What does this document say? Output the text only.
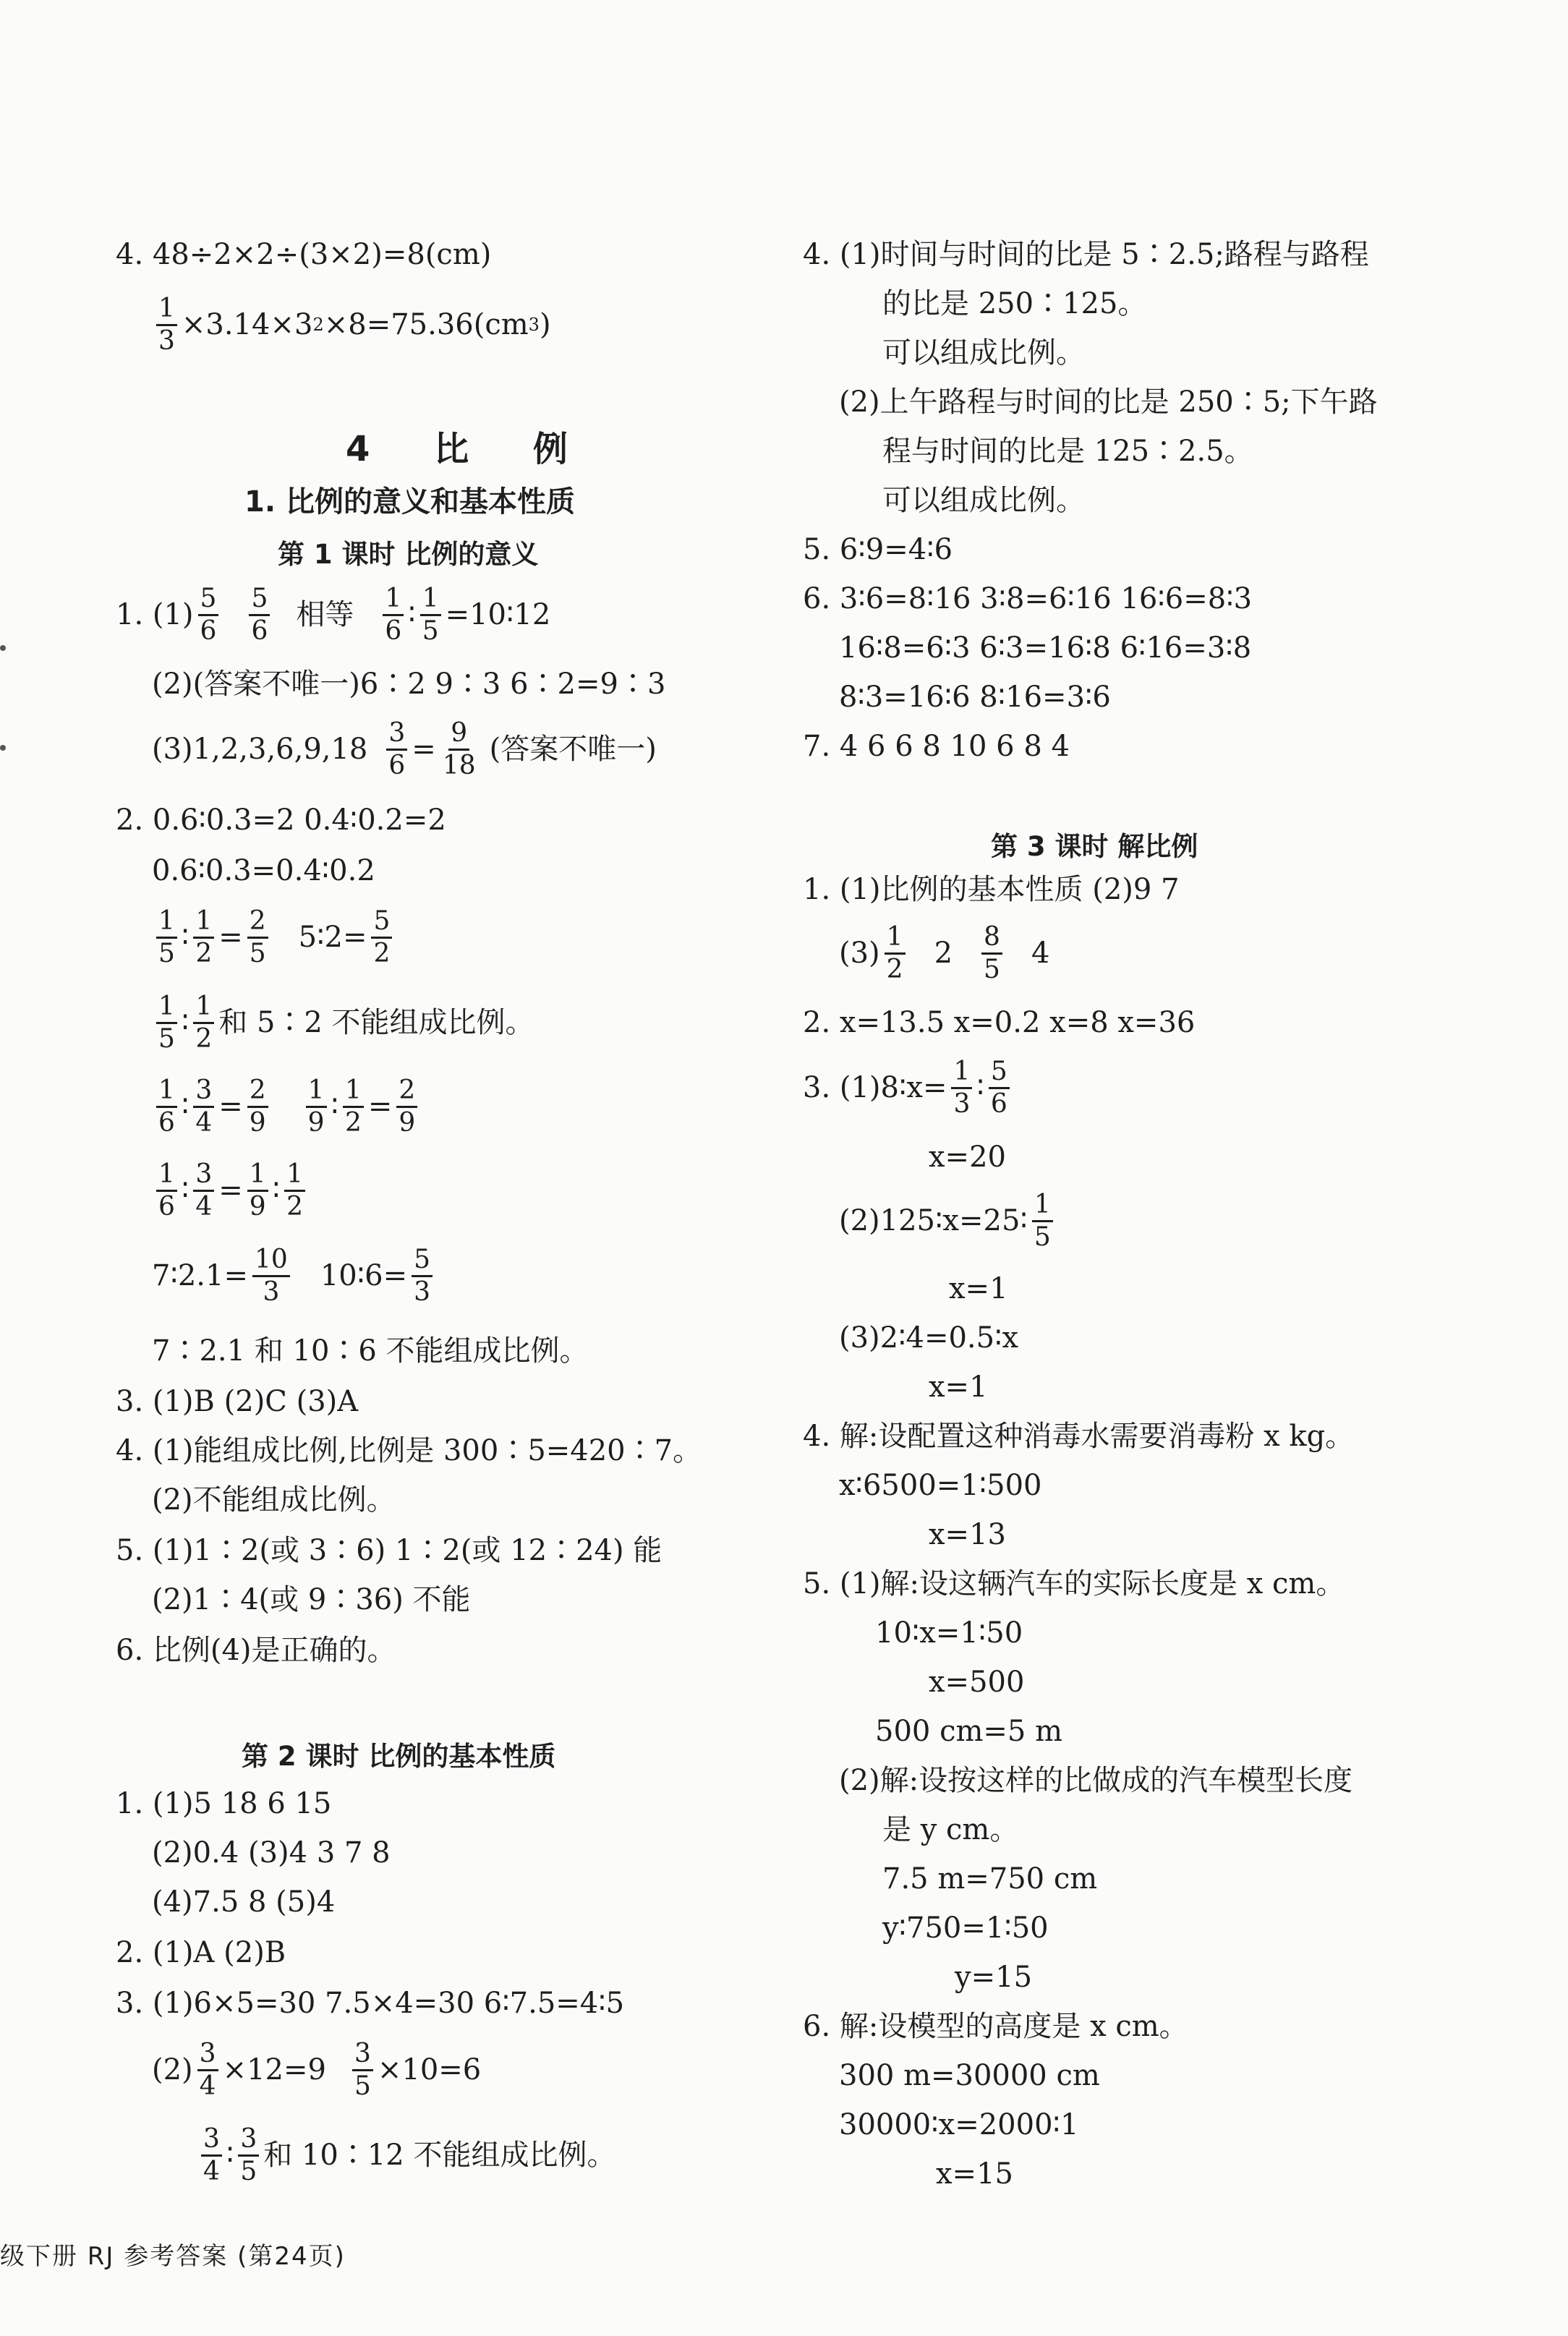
4. 48÷2×2÷(3×2)=8(cm)
$\frac{1}{3} \times 3.14\times 3$ 2 ×8=75.36(cm 3 )
4 比 例
1. 比例的意义和基本性质
第 1 课时 比例的意义
1. (1) 5
6
5
6 相等 1
6 ∶ $\frac{1}{5}$ =10∶12
(2)(答案不唯一)6∶2 9∶3 6∶2=9∶3
$(3)1,2,3,6,9,18 \frac{3}{6} = \frac{9}{18}$ (答案不唯一)
2. 0.6∶0.3=2 0.4∶0.2=2
0.6∶0.3=0.4∶0.2
1
5 ∶ $\frac{1}{2} = \frac{2}{5}$ 5∶2= $\frac{5}{2}$
1
5 ∶ 1
2 和 5∶2 不能组成比例。
1
6 ∶ $\frac{3}{4} = \frac{2}{9} 1$
9 ∶ $\frac{1}{2} = \frac{2}{9}$
1
6 ∶ $\frac{3}{4} = \frac{1}{9}$ ∶ 1
2
7∶2.1= $\frac{10}{3}$ 10∶6= $\frac{5}{3}$
7∶2.1 和 10∶6 不能组成比例。
3. (1)B (2)C (3)A
4. (1)能组成比例,比例是 300∶5=420∶7。
(2)不能组成比例。
5. (1)1∶2(或 3∶6) 1∶2(或 12∶24) 能
(2)1∶4(或 9∶36) 不能
6. 比例(4)是正确的。
第 2 课时 比例的基本性质
1. (1)5 18 6 15
(2)0.4 (3)4 3 7 8
(4)7.5 8 (5)4
2. (1)A (2)B
3. (1)6×5=30 7.5×4=30 6∶7.5=4∶5
$(2) \frac{3}{4} \times 12=9 \frac{3}{5} \times 10=6$
3
4 ∶ 3
5 和 10∶12 不能组成比例。
4. (1)时间与时间的比是 5∶2.5;路程与路程
的比是 250∶125。
可以组成比例。
(2)上午路程与时间的比是 250∶5;下午路
程与时间的比是 125∶2.5。
可以组成比例。
5. 6∶9=4∶6
6. 3∶6=8∶16 3∶8=6∶16 16∶6=8∶3
16∶8=6∶3 6∶3=16∶8 6∶16=3∶8
8∶3=16∶6 8∶16=3∶6
7. 4 6 6 8 10 6 8 4
第 3 课时 解比例
1. (1)比例的基本性质 (2)9 7
(3) 1
2 2 8
5 4
2. x=13.5 x=0.2 x=8 x=36
3. (1)8∶x= $\frac{1}{3}$ ∶ 5
6
x=20
(2)125∶x=25∶ 1
5
x=1
(3)2∶4=0.5∶x
x=1
4. 解:设配置这种消毒水需要消毒粉 x kg。
x∶6500=1∶500
x=13
5. (1)解:设这辆汽车的实际长度是 x cm。
10∶x=1∶50
x=500
500 cm=5 m
(2)解:设按这样的比做成的汽车模型长度
是 y cm。
7.5 m=750 cm
y∶750=1∶50
y=15
6. 解:设模型的高度是 x cm。
300 m=30000 cm
30000∶x=2000∶1
x=15
级下册 RJ 参考答案 (第24页)
